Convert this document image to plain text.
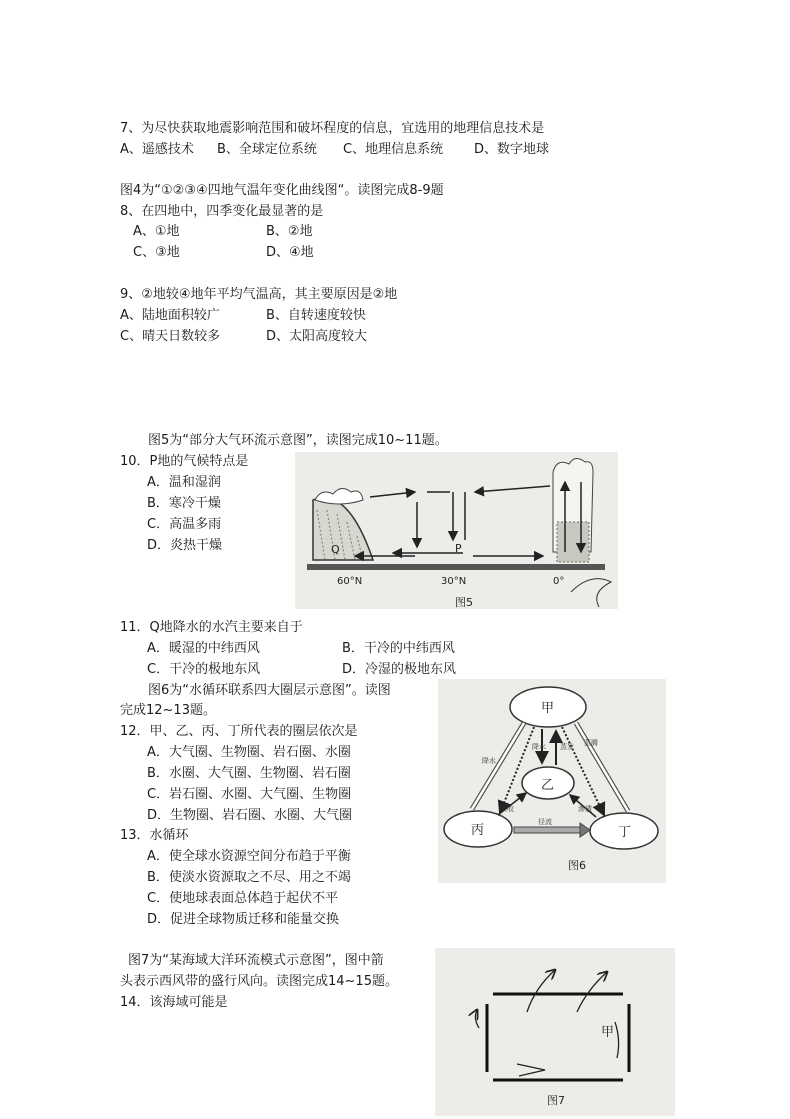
7、为尽快获取地震影响范围和破坏程度的信息，宜选用的地理信息技术是
A、遥感技术 B、全球定位系统 C、地理信息系统 D、数字地球
图4为“①②③④四地气温年变化曲线图“。读图完成8-9题
8、在四地中，四季变化最显著的是
A、①地	B、②地
C、③地	D、④地
9、②地较④地年平均气温高，其主要原因是②地
A、陆地面积较广	B、自转速度较快
C、晴天日数较多	D、太阳高度较大
图5为“部分大气环流示意图”，读图完成10~11题。
10．P地的气候特点是
A．温和湿润
B．寒冷干燥
C．高温多雨
D．炎热干燥	Q	P
60°N	30°N	0°
图5
11．Q地降水的水汽主要来自于
A．暖湿的中纬西风	B．干冷的中纬西风
C．干冷的极地东风	D．冷湿的极地东风
图6为“水循环联系四大圈层示意图”。读图
完成12~13题。
12．甲、乙、丙、丁所代表的圈层依次是
A．大气圈、生物圈、岩石圈、水圈
B．水圈、大气圈、生物圈、岩石圈
C．岩石圈、水圈、大气圈、生物圈
D．生物圈、岩石圈、水圈、大气圈
甲
乙
丙	丁
降水
蒸腾
降水 蒸发
吸收	渗透
径流
图6
13．水循环
A．使全球水资源空间分布趋于平衡
B．使淡水资源取之不尽、用之不竭
C．使地球表面总体趋于起伏不平
D．促进全球物质迁移和能量交换
图7为“某海域大洋环流模式示意图”，图中箭
头表示西风带的盛行风向。读图完成14~15题。
14．该海域可能是
甲
图7
